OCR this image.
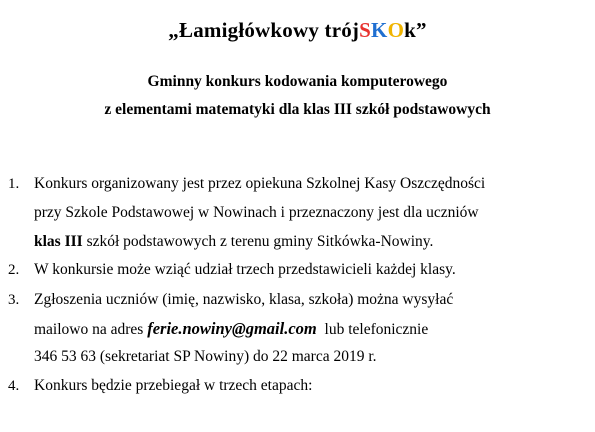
„Łamigłówkowy trójSKOk”
Gminny konkurs kodowania komputerowego
z elementami matematyki dla klas III szkół podstawowych
1. Konkurs organizowany jest przez opiekuna Szkolnej Kasy Oszczędności
przy Szkole Podstawowej w Nowinach i przeznaczony jest dla uczniów
klas III szkół podstawowych z terenu gminy Sitkówka-Nowiny.
2. W konkursie może wziąć udział trzech przedstawicieli każdej klasy.
3. Zgłoszenia uczniów (imię, nazwisko, klasa, szkoła) można wysyłać
mailowo na adres ferie.nowiny@gmail.com  lub telefonicznie
346 53 63 (sekretariat SP Nowiny) do 22 marca 2019 r.
4. Konkurs będzie przebiegał w trzech etapach:
